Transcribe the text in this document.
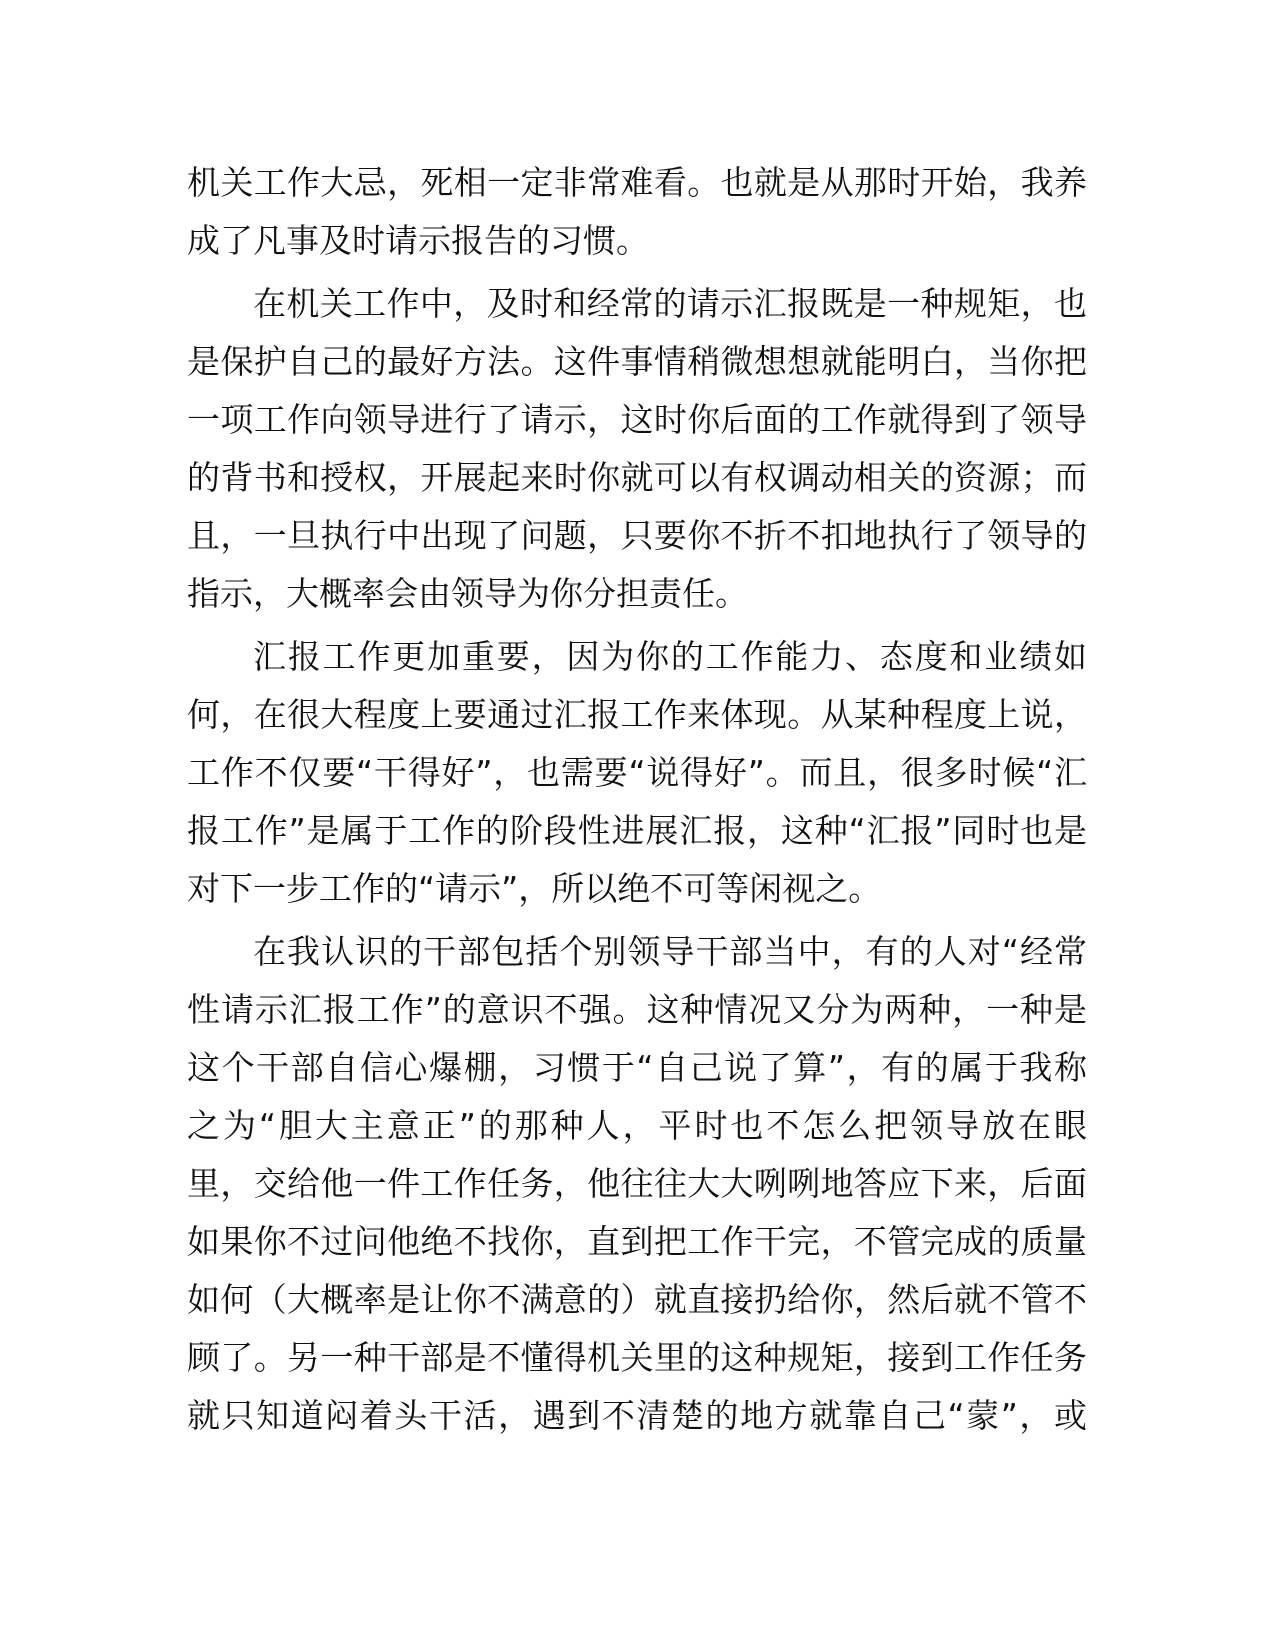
机关工作大忌，死相一定非常难看。也就是从那时开始，我养
成了凡事及时请示报告的习惯。
在机关工作中，及时和经常的请示汇报既是一种规矩，也
是保护自己的最好方法。这件事情稍微想想就能明白，当你把
一项工作向领导进行了请示，这时你后面的工作就得到了领导
的背书和授权，开展起来时你就可以有权调动相关的资源；而
且，一旦执行中出现了问题，只要你不折不扣地执行了领导的
指示，大概率会由领导为你分担责任。
汇报工作更加重要，因为你的工作能力、态度和业绩如
何，在很大程度上要通过汇报工作来体现。从某种程度上说，
工作不仅要“干得好”，也需要“说得好”。而且，很多时候“汇
报工作”是属于工作的阶段性进展汇报，这种“汇报”同时也是
对下一步工作的“请示”，所以绝不可等闲视之。
在我认识的干部包括个别领导干部当中，有的人对“经常
性请示汇报工作”的意识不强。这种情况又分为两种，一种是
这个干部自信心爆棚，习惯于“自己说了算”，有的属于我称
之为“胆大主意正”的那种人，平时也不怎么把领导放在眼
里，交给他一件工作任务，他往往大大咧咧地答应下来，后面
如果你不过问他绝不找你，直到把工作干完，不管完成的质量
如何（大概率是让你不满意的）就直接扔给你，然后就不管不
顾了。另一种干部是不懂得机关里的这种规矩，接到工作任务
就只知道闷着头干活，遇到不清楚的地方就靠自己“蒙”，或
